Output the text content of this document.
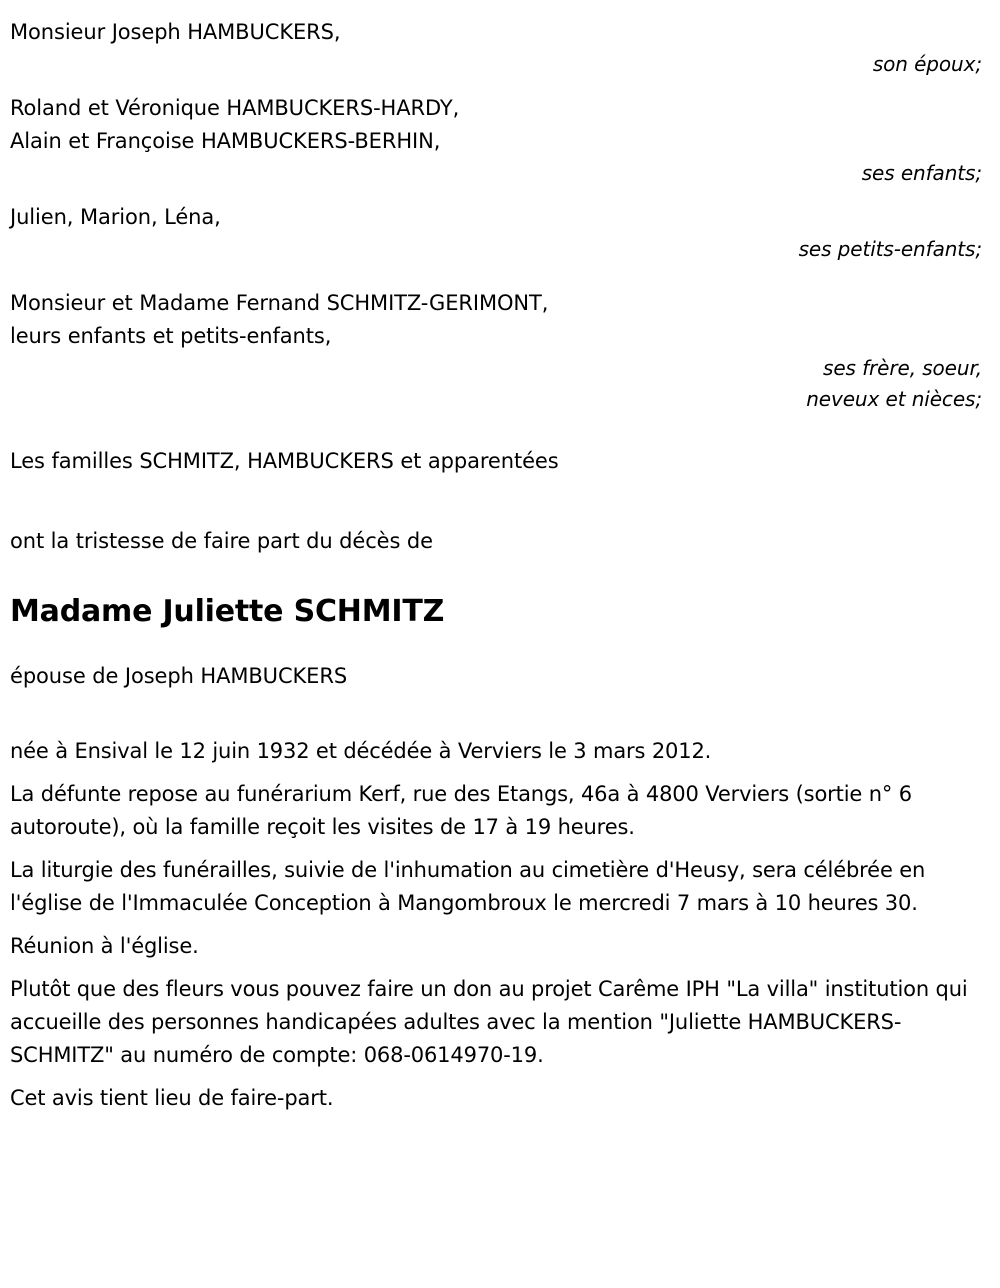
Monsieur Joseph HAMBUCKERS,
son époux;
Roland et Véronique HAMBUCKERS-HARDY,
Alain et Françoise HAMBUCKERS-BERHIN,
ses enfants;
Julien, Marion, Léna,
ses petits-enfants;
Monsieur et Madame Fernand SCHMITZ-GERIMONT,
leurs enfants et petits-enfants,
ses frère, soeur,
neveux et nièces;
Les familles SCHMITZ, HAMBUCKERS et apparentées
ont la tristesse de faire part du décès de
Madame Juliette SCHMITZ
épouse de Joseph HAMBUCKERS
née à Ensival le 12 juin 1932 et décédée à Verviers le 3 mars 2012.
La défunte repose au funérarium Kerf, rue des Etangs, 46a à 4800 Verviers (sortie n° 6 autoroute), où la famille reçoit les visites de 17 à 19 heures.
La liturgie des funérailles, suivie de l'inhumation au cimetière d'Heusy, sera célébrée en l'église de l'Immaculée Conception à Mangombroux le mercredi 7 mars à 10 heures 30.
Réunion à l'église.
Plutôt que des fleurs vous pouvez faire un don au projet Carême IPH "La villa" institution qui accueille des personnes handicapées adultes avec la mention "Juliette HAMBUCKERS-SCHMITZ" au numéro de compte: 068-0614970-19.
Cet avis tient lieu de faire-part.
